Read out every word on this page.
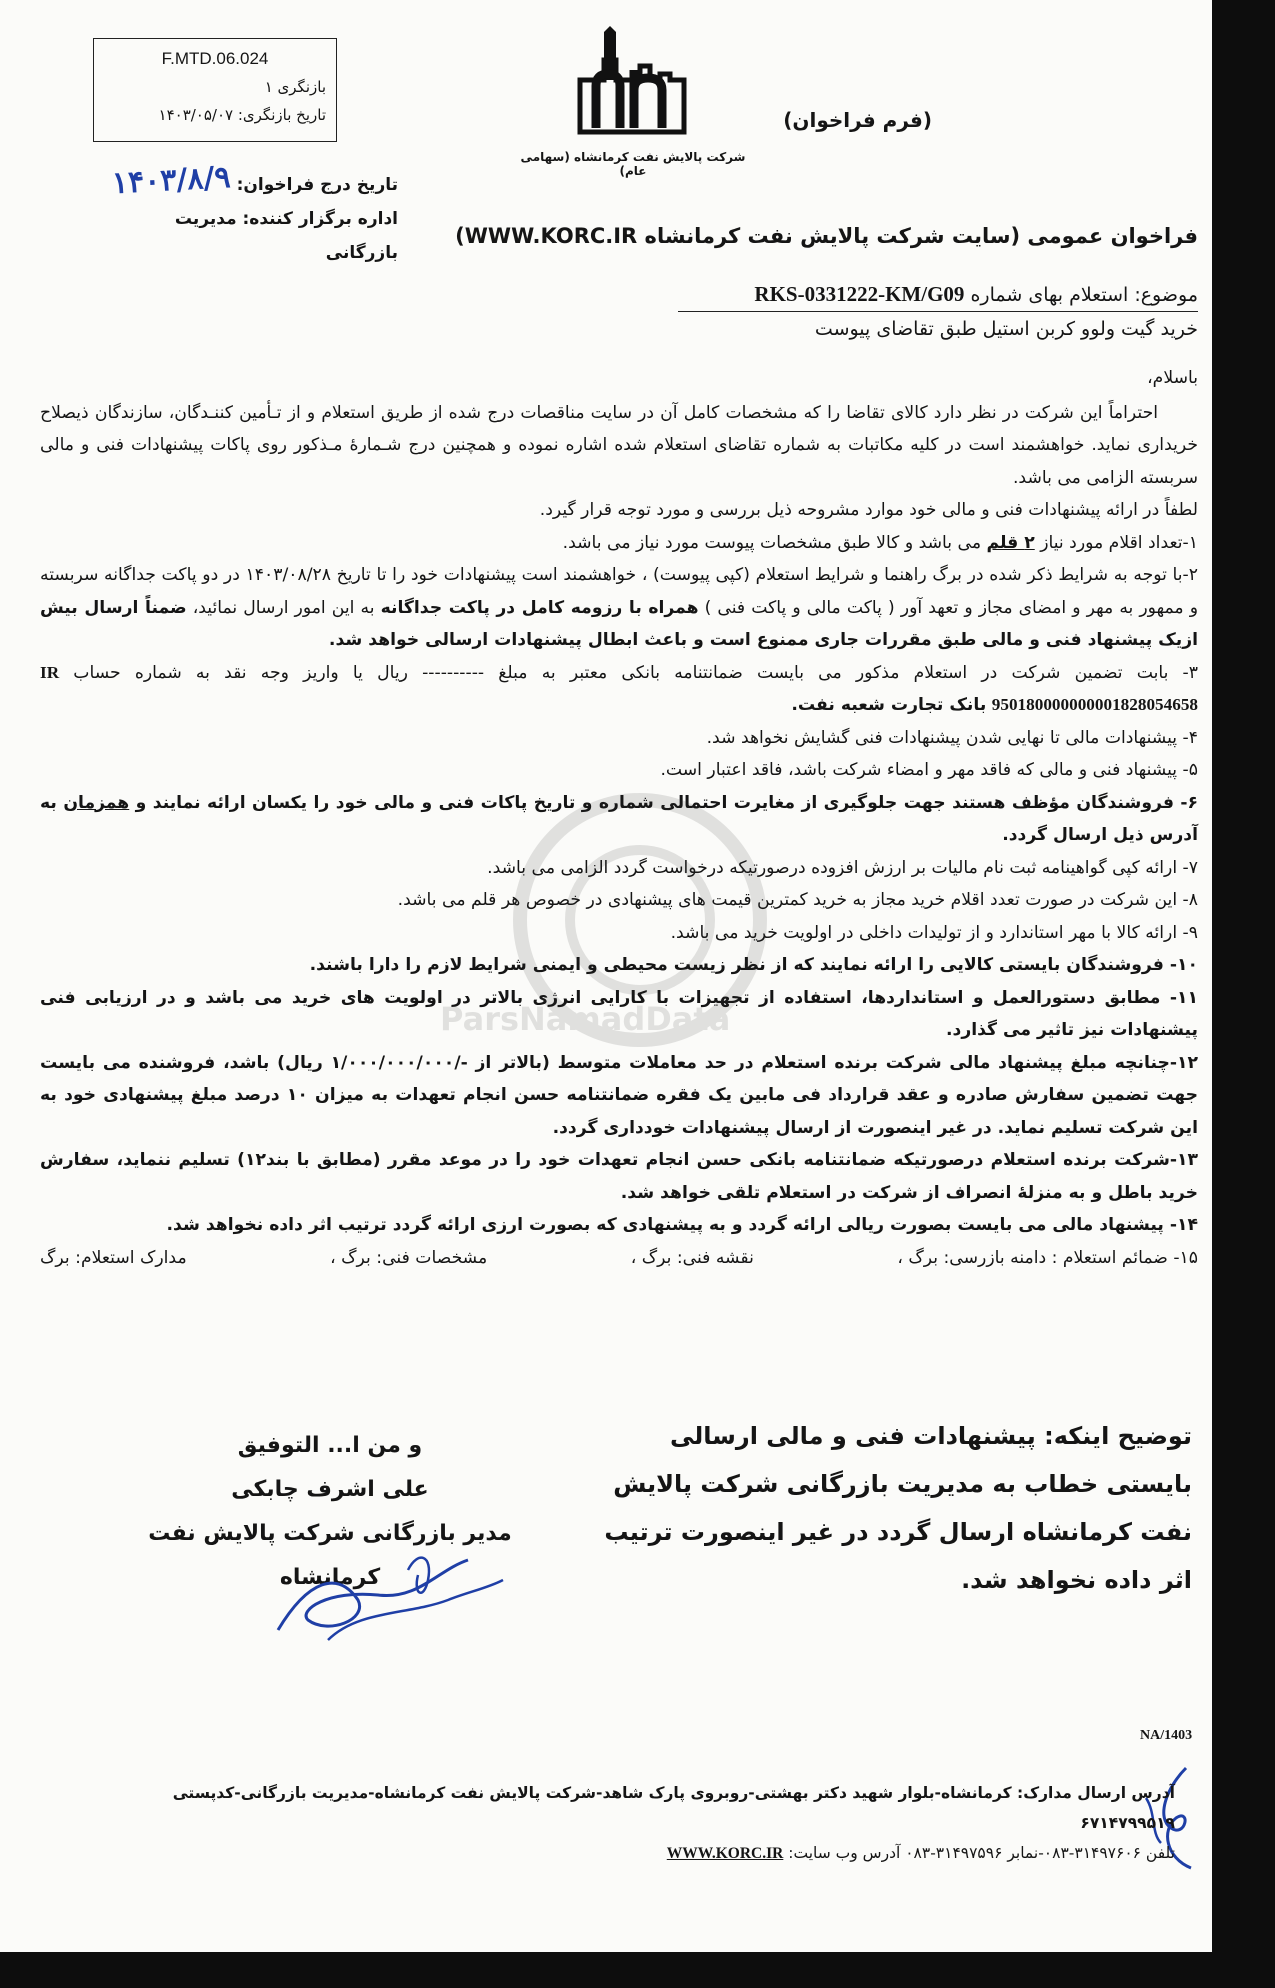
F.MTD.06.024
بازنگری ۱
تاریخ بازنگری: ۱۴۰۳/۰۵/۰۷
شرکت پالایش نفت کرمانشاه (سهامی عام)
(فرم فراخوان)
تاریخ درج فراخوان: ۱۴۰۳/۸/۹
اداره برگزار کننده: مدیریت بازرگانی
فراخوان عمومی (سایت شرکت پالایش نفت کرمانشاه WWW.KORC.IR)
موضوع: استعلام بهای شماره RKS-0331222-KM/G09
خرید گیت ولوو کربن استیل طبق تقاضای پیوست

باسلام،

احتراماً این شرکت در نظر دارد کالای تقاضا را که مشخصات کامل آن در سایت مناقصات درج شده از طریق استعلام و از تـأمین کننـدگان، سازندگان ذیصلاح خریداری نماید. خواهشمند است در کلیه مکاتبات به شماره تقاضای استعلام شده اشاره نموده و همچنین درج شـمارهٔ مـذکور روی پاکات پیشنهادات فنی و مالی سربسته الزامی می باشد.

لطفاً در ارائه پیشنهادات فنی و مالی خود موارد مشروحه ذیل بررسی و مورد توجه قرار گیرد.

۱-تعداد اقلام مورد نیاز ۲ قلم می باشد و کالا طبق مشخصات پیوست مورد نیاز می باشد.

۲-با توجه به شرایط ذکر شده در برگ راهنما و شرایط استعلام (کپی پیوست) ، خواهشمند است پیشنهادات خود را تا تاریخ ۱۴۰۳/۰۸/۲۸ در دو پاکت جداگانه سربسته و ممهور به مهر و امضای مجاز و تعهد آور ( پاکت مالی و پاکت فنی ) همراه با رزومه کامل در پاکت جداگانه به این امور ارسال نمائید، ضمناً ارسال بیش ازیک پیشنهاد فنی و مالی طبق مقررات جاری ممنوع است و باعث ابطال پیشنهادات ارسالی خواهد شد.

۳- بابت تضمین شرکت در استعلام مذکور می بایست ضمانتنامه بانکی معتبر به مبلغ ---------- ریال یا واریز وجه نقد به شماره حساب IR 950180000000001828054658 بانک تجارت شعبه نفت.

۴- پیشنهادات مالی تا نهایی شدن پیشنهادات فنی گشایش نخواهد شد.

۵- پیشنهاد فنی و مالی که فاقد مهر و امضاء شرکت باشد، فاقد اعتبار است.

۶- فروشندگان مؤظف هستند جهت جلوگیری از مغایرت احتمالی شماره و تاریخ پاکات فنی و مالی خود را یکسان ارائه نمایند و همزمان به آدرس ذیل ارسال گردد.

۷- ارائه کپی گواهینامه ثبت نام مالیات بر ارزش افزوده درصورتیکه درخواست گردد الزامی می باشد.

۸- این شرکت در صورت تعدد اقلام خرید مجاز به خرید کمترین قیمت های پیشنهادی در خصوص هر قلم می باشد.

۹- ارائه کالا با مهر استاندارد و از تولیدات داخلی در اولویت خرید می باشد.

۱۰- فروشندگان بایستی کالایی را ارائه نمایند که از نظر زیست محیطی و ایمنی شرایط لازم را دارا باشند.

۱۱- مطابق دستورالعمل و استانداردها، استفاده از تجهیزات با کارایی انرژی بالاتر در اولویت های خرید می باشد و در ارزیابی فنی پیشنهادات نیز تاثیر می گذارد.

۱۲-چنانچه مبلغ پیشنهاد مالی شرکت برنده استعلام در حد معاملات متوسط (بالاتر از -/۱/۰۰۰/۰۰۰/۰۰۰ ریال) باشد، فروشنده می بایست جهت تضمین سفارش صادره و عقد قرارداد فی مابین یک فقره ضمانتنامه حسن انجام تعهدات به میزان ۱۰ درصد مبلغ پیشنهادی خود به این شرکت تسلیم نماید. در غیر اینصورت از ارسال پیشنهادات خودداری گردد.

۱۳-شرکت برنده استعلام درصورتیکه ضمانتنامه بانکی حسن انجام تعهدات خود را در موعد مقرر (مطابق با بند۱۲) تسلیم ننماید، سفارش خرید باطل و به منزلهٔ انصراف از شرکت در استعلام تلقی خواهد شد.

۱۴- پیشنهاد مالی می بایست بصورت ریالی ارائه گردد و به پیشنهادی که بصورت ارزی ارائه گردد ترتیب اثر داده نخواهد شد.

۱۵- ضمائم استعلام : دامنه بازرسی: برگ ،
نقشه فنی: برگ ،
مشخصات فنی: برگ ،
مدارک استعلام: برگ

ParsNamadData
توضیح اینکه: پیشنهادات فنی و مالی ارسالی بایستی خطاب به مدیریت بازرگانی شرکت پالایش نفت کرمانشاه ارسال گردد در غیر اینصورت ترتیب اثر داده نخواهد شد.
و من ا... التوفیق
علی اشرف چابکی
مدیر بازرگانی شرکت پالایش نفت کرمانشاه
NA/1403
آدرس ارسال مدارک: کرمانشاه-بلوار شهید دکتر بهشتی-روبروی پارک شاهد-شرکت پالایش نفت کرمانشاه-مدیریت بازرگانی-کدپستی ۶۷۱۴۷۹۹۵۱۹
تلفن ۳۱۴۹۷۶۰۶-۰۸۳-نمابر ۳۱۴۹۷۵۹۶-۰۸۳ آدرس وب سایت: WWW.KORC.IR
